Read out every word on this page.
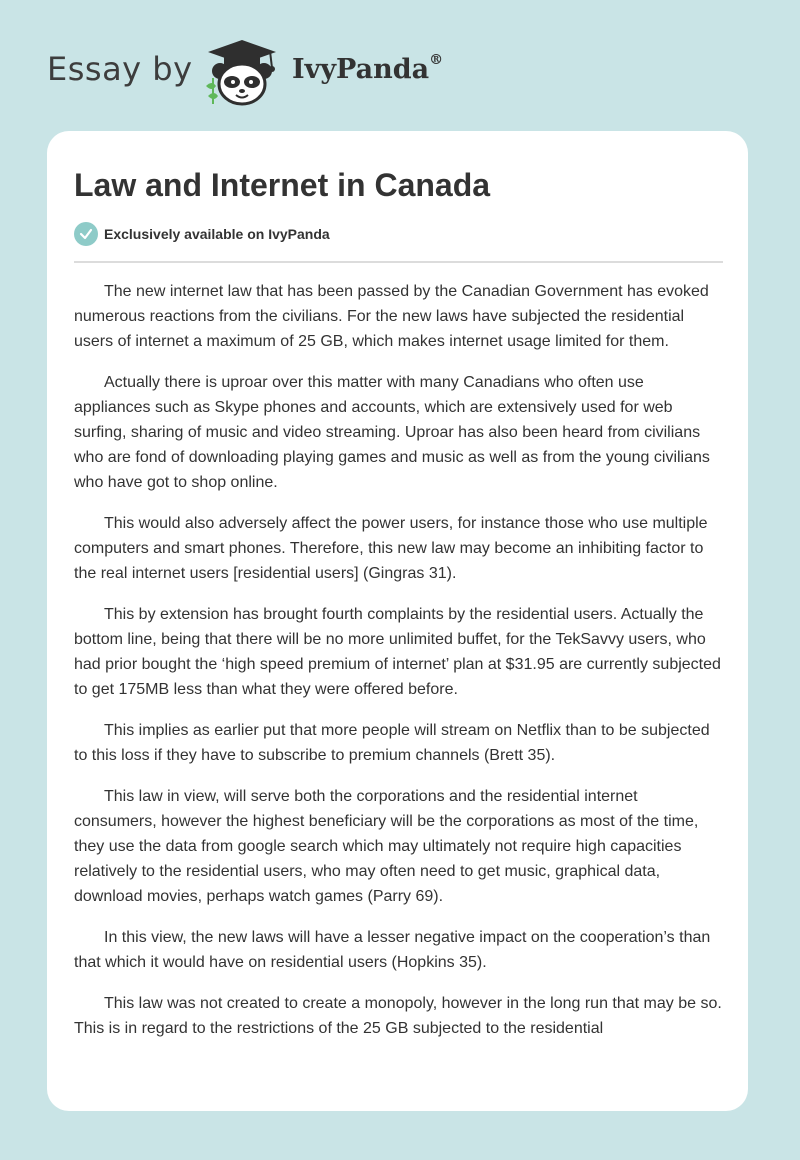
Essay by	IvyPanda®
Law and Internet in Canada
Exclusively available on IvyPanda

The new internet law that has been passed by the Canadian Government has evoked numerous reactions from the civilians. For the new laws have subjected the residential users of internet a maximum of 25 GB, which makes internet usage limited for them.

Actually there is uproar over this matter with many Canadians who often use appliances such as Skype phones and accounts, which are extensively used for web surfing, sharing of music and video streaming. Uproar has also been heard from civilians who are fond of downloading playing games and music as well as from the young civilians who have got to shop online.

This would also adversely affect the power users, for instance those who use multiple computers and smart phones. Therefore, this new law may become an inhibiting factor to the real internet users [residential users] (Gingras 31).

This by extension has brought fourth complaints by the residential users. Actually the bottom line, being that there will be no more unlimited buffet, for the TekSavvy users, who had prior bought the ‘high speed premium of internet’ plan at $31.95 are currently subjected to get 175MB less than what they were offered before.

This implies as earlier put that more people will stream on Netflix than to be subjected to this loss if they have to subscribe to premium channels (Brett 35).

This law in view, will serve both the corporations and the residential internet consumers, however the highest beneficiary will be the corporations as most of the time, they use the data from google search which may ultimately not require high capacities relatively to the residential users, who may often need to get music, graphical data, download movies, perhaps watch games (Parry 69).

In this view, the new laws will have a lesser negative impact on the cooperation’s than that which it would have on residential users (Hopkins 35).

This law was not created to create a monopoly, however in the long run that may be so. This is in regard to the restrictions of the 25 GB subjected to the residential
